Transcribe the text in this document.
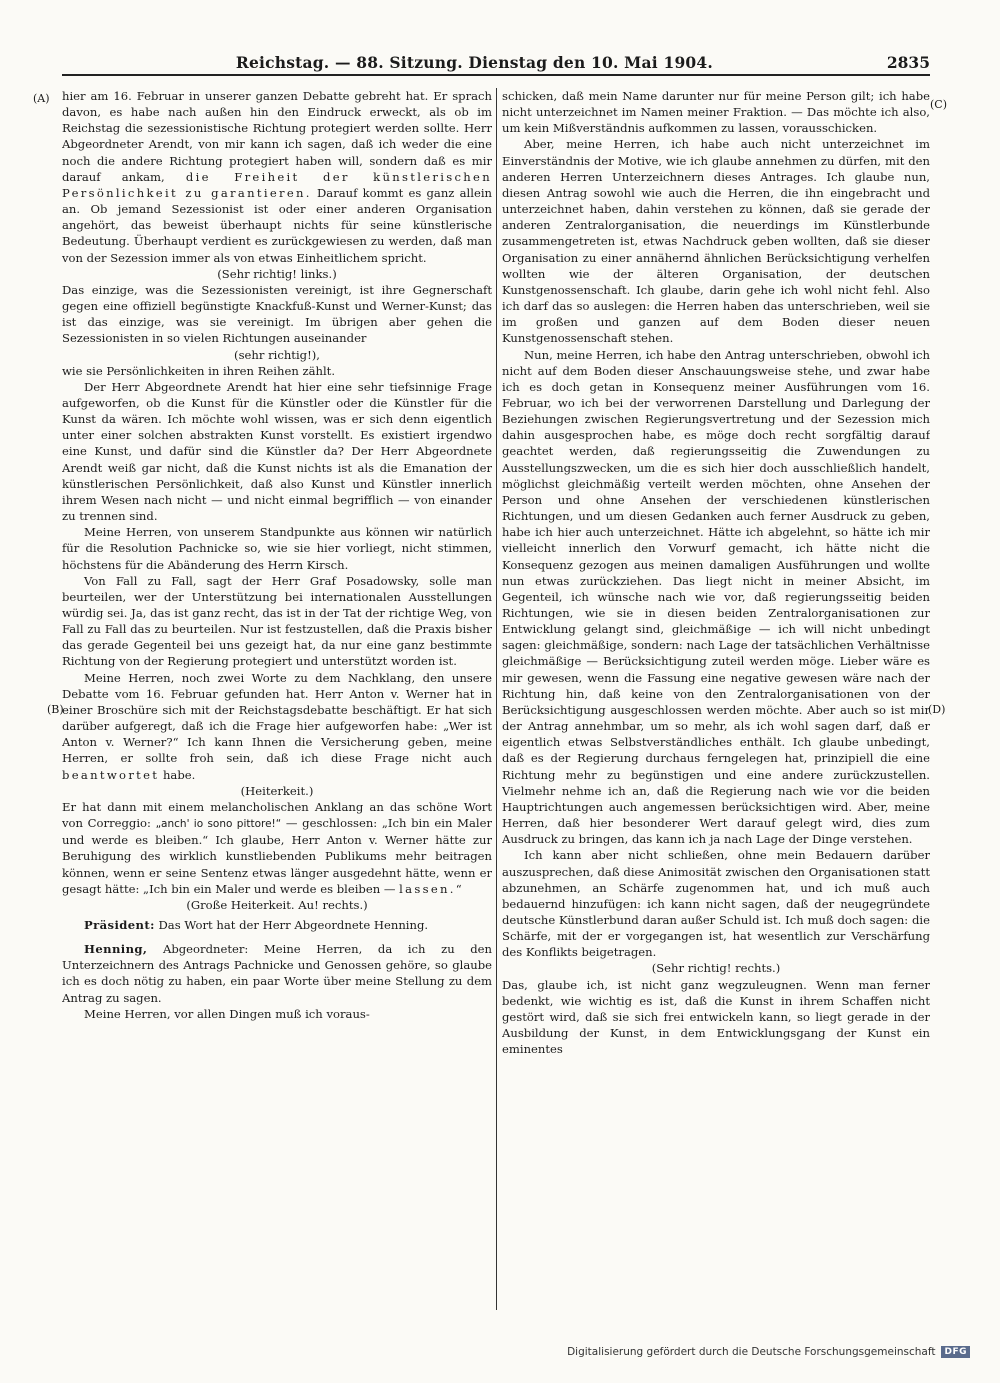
Reichstag. — 88. Sitzung. Dienstag den 10. Mai 1904.	2835
(A)
(B)
(C)
(D)

hier am 16. Februar in unserer ganzen Debatte gebreht hat. Er sprach davon, es habe nach außen hin den Eindruck erweckt, als ob im Reichstag die sezessionistische Richtung protegiert werden sollte. Herr Abgeordneter Arendt, von mir kann ich sagen, daß ich weder die eine noch die andere Richtung protegiert haben will, sondern daß es mir darauf ankam, die Freiheit der künstlerischen Persönlichkeit zu garantieren. Darauf kommt es ganz allein an. Ob jemand Sezessionist ist oder einer anderen Organisation angehört, das beweist überhaupt nichts für seine künstlerische Bedeutung. Überhaupt verdient es zurückgewiesen zu werden, daß man von der Sezession immer als von etwas Einheitlichem spricht.

(Sehr richtig! links.)

Das einzige, was die Sezessionisten vereinigt, ist ihre Gegnerschaft gegen eine offiziell begünstigte Knackfuß-Kunst und Werner-Kunst; das ist das einzige, was sie vereinigt. Im übrigen aber gehen die Sezessionisten in so vielen Richtungen auseinander

(sehr richtig!),

wie sie Persönlichkeiten in ihren Reihen zählt.

Der Herr Abgeordnete Arendt hat hier eine sehr tiefsinnige Frage aufgeworfen, ob die Kunst für die Künstler oder die Künstler für die Kunst da wären. Ich möchte wohl wissen, was er sich denn eigentlich unter einer solchen abstrakten Kunst vorstellt. Es existiert irgendwo eine Kunst, und dafür sind die Künstler da? Der Herr Abgeordnete Arendt weiß gar nicht, daß die Kunst nichts ist als die Emanation der künstlerischen Persönlichkeit, daß also Kunst und Künstler innerlich ihrem Wesen nach nicht — und nicht einmal begrifflich — von einander zu trennen sind.

Meine Herren, von unserem Standpunkte aus können wir natürlich für die Resolution Pachnicke so, wie sie hier vorliegt, nicht stimmen, höchstens für die Abänderung des Herrn Kirsch.

Von Fall zu Fall, sagt der Herr Graf Posadowsky, solle man beurteilen, wer der Unterstützung bei internationalen Ausstellungen würdig sei. Ja, das ist ganz recht, das ist in der Tat der richtige Weg, von Fall zu Fall das zu beurteilen. Nur ist festzustellen, daß die Praxis bisher das gerade Gegenteil bei uns gezeigt hat, da nur eine ganz bestimmte Richtung von der Regierung protegiert und unterstützt worden ist.

Meine Herren, noch zwei Worte zu dem Nachklang, den unsere Debatte vom 16. Februar gefunden hat. Herr Anton v. Werner hat in einer Broschüre sich mit der Reichstagsdebatte beschäftigt. Er hat sich darüber aufgeregt, daß ich die Frage hier aufgeworfen habe: „Wer ist Anton v. Werner?“ Ich kann Ihnen die Versicherung geben, meine Herren, er sollte froh sein, daß ich diese Frage nicht auch beantwortet habe.

(Heiterkeit.)

Er hat dann mit einem melancholischen Anklang an das schöne Wort von Correggio: „anch' io sono pittore!“ — geschlossen: „Ich bin ein Maler und werde es bleiben.“ Ich glaube, Herr Anton v. Werner hätte zur Beruhigung des wirklich kunstliebenden Publikums mehr beitragen können, wenn er seine Sentenz etwas länger ausgedehnt hätte, wenn er gesagt hätte: „Ich bin ein Maler und werde es bleiben — lassen.“

(Große Heiterkeit. Au! rechts.)

Präsident: Das Wort hat der Herr Abgeordnete Henning.

Henning, Abgeordneter: Meine Herren, da ich zu den Unterzeichnern des Antrags Pachnicke und Genossen gehöre, so glaube ich es doch nötig zu haben, ein paar Worte über meine Stellung zu dem Antrag zu sagen.

Meine Herren, vor allen Dingen muß ich voraus-

schicken, daß mein Name darunter nur für meine Person gilt; ich habe nicht unterzeichnet im Namen meiner Fraktion. — Das möchte ich also, um kein Mißverständnis aufkommen zu lassen, vorausschicken.

Aber, meine Herren, ich habe auch nicht unterzeichnet im Einverständnis der Motive, wie ich glaube annehmen zu dürfen, mit den anderen Herren Unterzeichnern dieses Antrages. Ich glaube nun, diesen Antrag sowohl wie auch die Herren, die ihn eingebracht und unterzeichnet haben, dahin verstehen zu können, daß sie gerade der anderen Zentralorganisation, die neuerdings im Künstlerbunde zusammengetreten ist, etwas Nachdruck geben wollten, daß sie dieser Organisation zu einer annähernd ähnlichen Berücksichtigung verhelfen wollten wie der älteren Organisation, der deutschen Kunstgenossenschaft. Ich glaube, darin gehe ich wohl nicht fehl. Also ich darf das so auslegen: die Herren haben das unterschrieben, weil sie im großen und ganzen auf dem Boden dieser neuen Kunstgenossenschaft stehen.

Nun, meine Herren, ich habe den Antrag unterschrieben, obwohl ich nicht auf dem Boden dieser Anschauungsweise stehe, und zwar habe ich es doch getan in Konsequenz meiner Ausführungen vom 16. Februar, wo ich bei der verworrenen Darstellung und Darlegung der Beziehungen zwischen Regierungsvertretung und der Sezession mich dahin ausgesprochen habe, es möge doch recht sorgfältig darauf geachtet werden, daß regierungsseitig die Zuwendungen zu Ausstellungszwecken, um die es sich hier doch ausschließlich handelt, möglichst gleichmäßig verteilt werden möchten, ohne Ansehen der Person und ohne Ansehen der verschiedenen künstlerischen Richtungen, und um diesen Gedanken auch ferner Ausdruck zu geben, habe ich hier auch unterzeichnet. Hätte ich abgelehnt, so hätte ich mir vielleicht innerlich den Vorwurf gemacht, ich hätte nicht die Konsequenz gezogen aus meinen damaligen Ausführungen und wollte nun etwas zurückziehen. Das liegt nicht in meiner Absicht, im Gegenteil, ich wünsche nach wie vor, daß regierungsseitig beiden Richtungen, wie sie in diesen beiden Zentralorganisationen zur Entwicklung gelangt sind, gleichmäßige — ich will nicht unbedingt sagen: gleichmäßige, sondern: nach Lage der tatsächlichen Verhältnisse gleichmäßige — Berücksichtigung zuteil werden möge. Lieber wäre es mir gewesen, wenn die Fassung eine negative gewesen wäre nach der Richtung hin, daß keine von den Zentralorganisationen von der Berücksichtigung ausgeschlossen werden möchte. Aber auch so ist mir der Antrag annehmbar, um so mehr, als ich wohl sagen darf, daß er eigentlich etwas Selbstverständliches enthält. Ich glaube unbedingt, daß es der Regierung durchaus ferngelegen hat, prinzipiell die eine Richtung mehr zu begünstigen und eine andere zurückzustellen. Vielmehr nehme ich an, daß die Regierung nach wie vor die beiden Hauptrichtungen auch angemessen berücksichtigen wird. Aber, meine Herren, daß hier besonderer Wert darauf gelegt wird, dies zum Ausdruck zu bringen, das kann ich ja nach Lage der Dinge verstehen.

Ich kann aber nicht schließen, ohne mein Bedauern darüber auszusprechen, daß diese Animosität zwischen den Organisationen statt abzunehmen, an Schärfe zugenommen hat, und ich muß auch bedauernd hinzufügen: ich kann nicht sagen, daß der neugegründete deutsche Künstlerbund daran außer Schuld ist. Ich muß doch sagen: die Schärfe, mit der er vorgegangen ist, hat wesentlich zur Verschärfung des Konflikts beigetragen.

(Sehr richtig! rechts.)

Das, glaube ich, ist nicht ganz wegzuleugnen. Wenn man ferner bedenkt, wie wichtig es ist, daß die Kunst in ihrem Schaffen nicht gestört wird, daß sie sich frei entwickeln kann, so liegt gerade in der Ausbildung der Kunst, in dem Entwicklungsgang der Kunst ein eminentes

Digitalisierung gefördert durch die Deutsche Forschungsgemeinschaft	DFG
